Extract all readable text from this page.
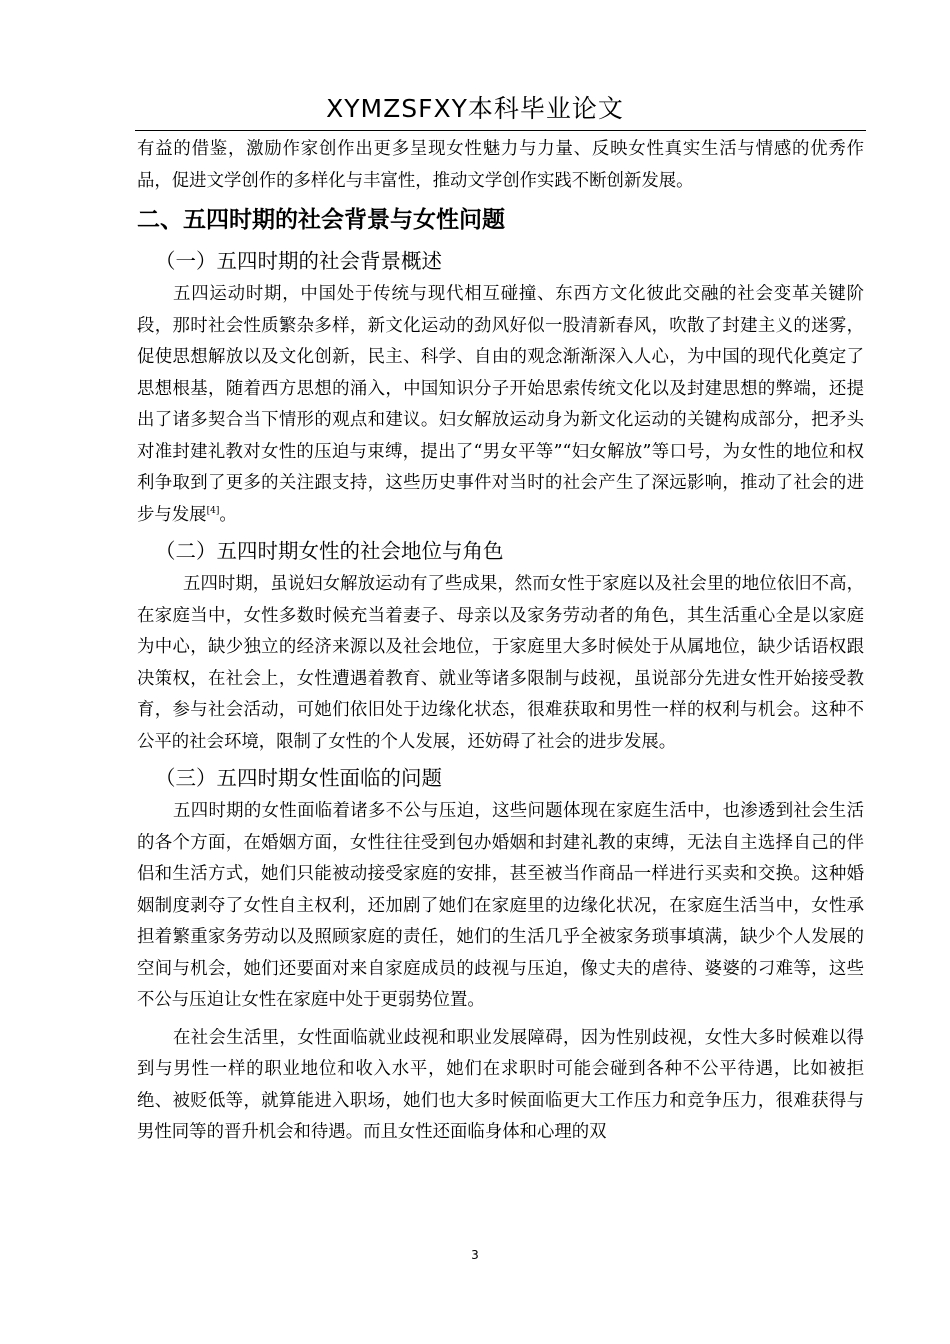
XYMZSFXY本科毕业论文

有益的借鉴，激励作家创作出更多呈现女性魅力与力量、反映女性真实生活与情感的优秀作品，促进文学创作的多样化与丰富性，推动文学创作实践不断创新发展。

二、五四时期的社会背景与女性问题
（一）五四时期的社会背景概述

五四运动时期，中国处于传统与现代相互碰撞、东西方文化彼此交融的社会变革关键阶段，那时社会性质繁杂多样，新文化运动的劲风好似一股清新春风，吹散了封建主义的迷雾，促使思想解放以及文化创新，民主、科学、自由的观念渐渐深入人心，为中国的现代化奠定了思想根基，随着西方思想的涌入，中国知识分子开始思索传统文化以及封建思想的弊端，还提出了诸多契合当下情形的观点和建议。妇女解放运动身为新文化运动的关键构成部分，把矛头对准封建礼教对女性的压迫与束缚，提出了“男女平等”“妇女解放”等口号，为女性的地位和权利争取到了更多的关注跟支持，这些历史事件对当时的社会产生了深远影响，推动了社会的进步与发展[4]。

（二）五四时期女性的社会地位与角色

五四时期，虽说妇女解放运动有了些成果，然而女性于家庭以及社会里的地位依旧不高，在家庭当中，女性多数时候充当着妻子、母亲以及家务劳动者的角色，其生活重心全是以家庭为中心，缺少独立的经济来源以及社会地位，于家庭里大多时候处于从属地位，缺少话语权跟决策权，在社会上，女性遭遇着教育、就业等诸多限制与歧视，虽说部分先进女性开始接受教育，参与社会活动，可她们依旧处于边缘化状态，很难获取和男性一样的权利与机会。这种不公平的社会环境，限制了女性的个人发展，还妨碍了社会的进步发展。

（三）五四时期女性面临的问题

五四时期的女性面临着诸多不公与压迫，这些问题体现在家庭生活中，也渗透到社会生活的各个方面，在婚姻方面，女性往往受到包办婚姻和封建礼教的束缚，无法自主选择自己的伴侣和生活方式，她们只能被动接受家庭的安排，甚至被当作商品一样进行买卖和交换。这种婚姻制度剥夺了女性自主权利，还加剧了她们在家庭里的边缘化状况，在家庭生活当中，女性承担着繁重家务劳动以及照顾家庭的责任，她们的生活几乎全被家务琐事填满，缺少个人发展的空间与机会，她们还要面对来自家庭成员的歧视与压迫，像丈夫的虐待、婆婆的刁难等，这些不公与压迫让女性在家庭中处于更弱势位置。

在社会生活里，女性面临就业歧视和职业发展障碍，因为性别歧视，女性大多时候难以得到与男性一样的职业地位和收入水平，她们在求职时可能会碰到各种不公平待遇，比如被拒绝、被贬低等，就算能进入职场，她们也大多时候面临更大工作压力和竞争压力，很难获得与男性同等的晋升机会和待遇。而且女性还面临身体和心理的双

3
